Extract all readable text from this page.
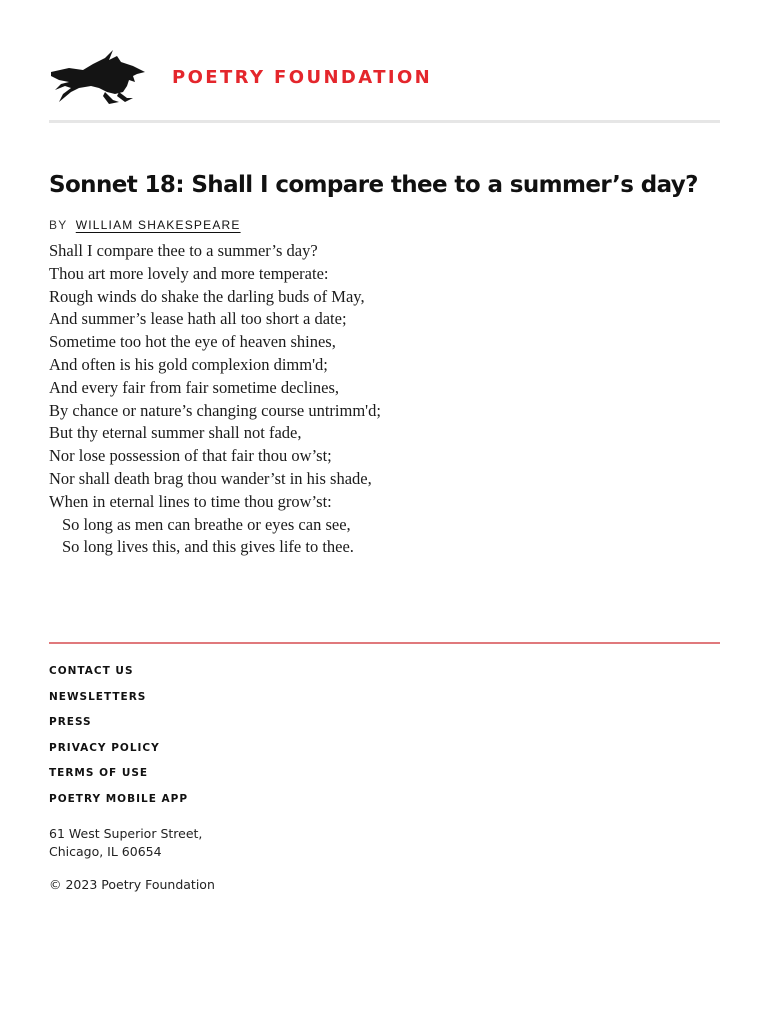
POETRY FOUNDATION
Sonnet 18: Shall I compare thee to a summer’s day?
BY WILLIAM SHAKESPEARE
Shall I compare thee to a summer’s day?
Thou art more lovely and more temperate:
Rough winds do shake the darling buds of May,
And summer’s lease hath all too short a date;
Sometime too hot the eye of heaven shines,
And often is his gold complexion dimm'd;
And every fair from fair sometime declines,
By chance or nature’s changing course untrimm'd;
But thy eternal summer shall not fade,
Nor lose possession of that fair thou ow’st;
Nor shall death brag thou wander’st in his shade,
When in eternal lines to time thou grow’st:
So long as men can breathe or eyes can see,
So long lives this, and this gives life to thee.
CONTACT US
NEWSLETTERS
PRESS
PRIVACY POLICY
TERMS OF USE
POETRY MOBILE APP
61 West Superior Street,
Chicago, IL 60654
© 2023 Poetry Foundation
